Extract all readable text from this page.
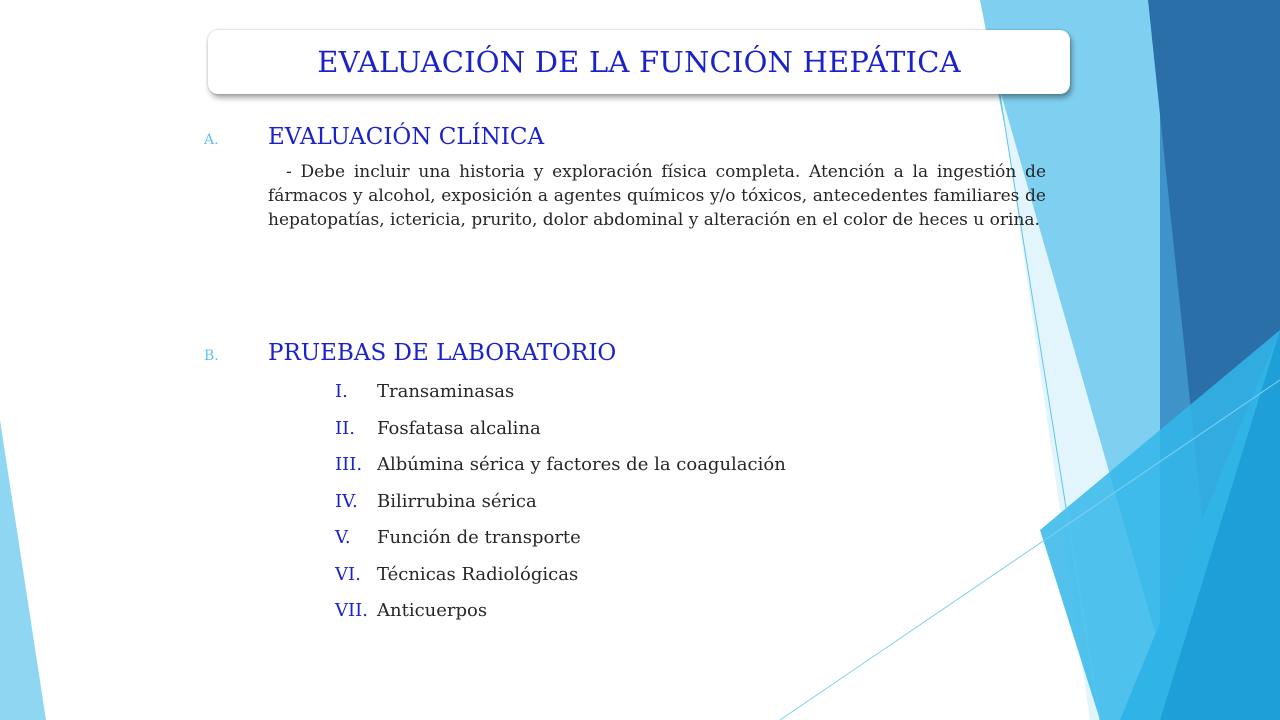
EVALUACIÓN DE LA FUNCIÓN HEPÁTICA
A.	EVALUACIÓN CLÍNICA

- Debe incluir una historia y exploración física completa. Atención a la ingestión de fármacos y alcohol, exposición a agentes químicos y/o tóxicos, antecedentes familiares de hepatopatías, ictericia, prurito, dolor abdominal y alteración en el color de heces u orina.

B.	PRUEBAS DE LABORATORIO
I. Transaminasas
II. Fosfatasa alcalina
III. Albúmina sérica y factores de la coagulación
IV. Bilirrubina sérica
V. Función de transporte
VI. Técnicas Radiológicas
VII. Anticuerpos
